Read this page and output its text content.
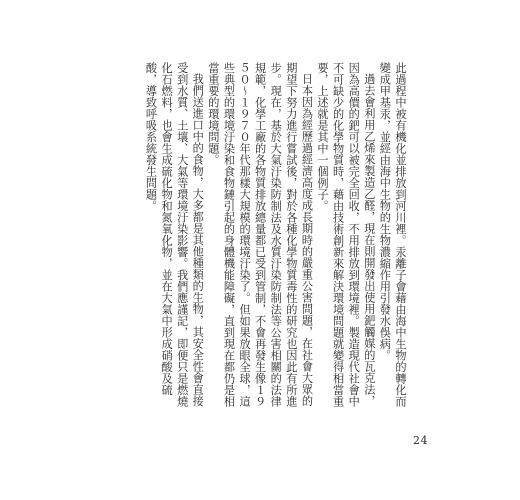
此過程中被有機化並排放到河川裡。汞離子會藉由海中生物的轉化而變成甲基汞，並經由海中生物的生物濃縮作用引發水俁病。

過去會利用乙烯來製造乙醛，現在則開發出使用鈀觸媒的瓦克法，因為高價的鈀可以被完全回收，不用排放到環境裡。製造現代社會中不可缺少的化學物質時，藉由技術創新來解決環境問題就變得相當重要，上述就是其中一個例子。

日本因為經歷過經濟高度成長期時的嚴重公害問題，在社會大眾的期望下努力進行嘗試後，對於各種化學物質毒性的研究也因此有所進步。現在，基於大氣汙染防制法及水質汙染防制法等公害相關的法律規範，化學工廠的各物質排放總量都已受到管制，不會再發生像１９５０～１９７０年代那樣大規模的環境汙染了。但如果放眼全球，這些典型的環境汙染和食物鏈引起的身體機能障礙，直到現在都仍是相當重要的環境問題。

我們送進口中的食物，大多都是其他種類的生物，其安全性會直接受到水質、土壤、大氣等環境汙染影響。我們應謹記，即便只是燃燒化石燃料，也會生成硫化物和氮氧化物，並在大氣中形成硝酸及硫酸，導致呼吸系統發生問題。

24
